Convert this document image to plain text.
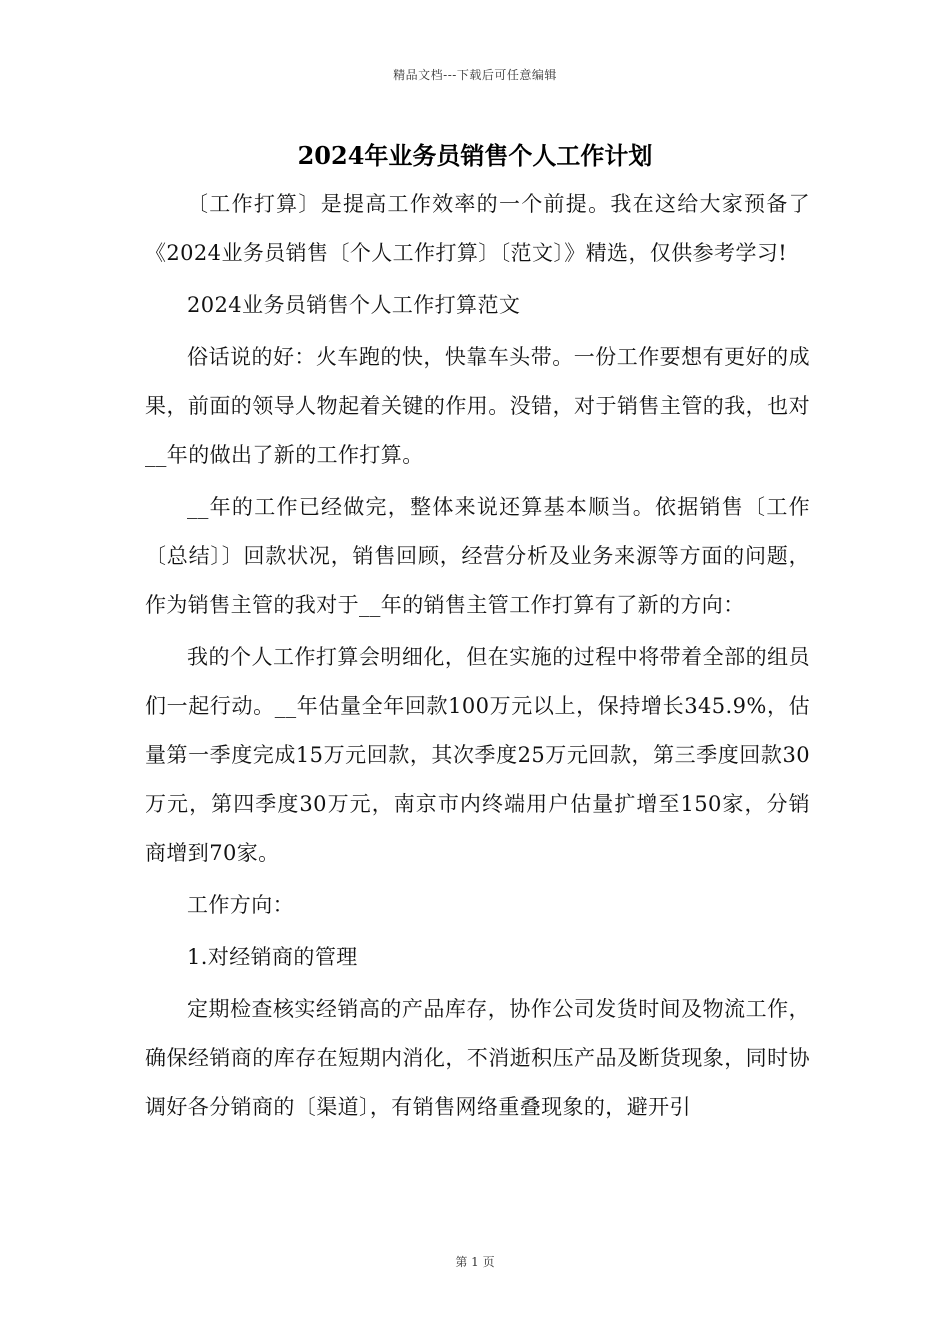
精品文档---下载后可任意编辑
2024年业务员销售个人工作计划

〔工作打算〕是提高工作效率的一个前提。我在这给大家预备了《2024业务员销售〔个人工作打算〕〔范文〕》精选，仅供参考学习!

2024业务员销售个人工作打算范文

俗话说的好：火车跑的快，快靠车头带。一份工作要想有更好的成果，前面的领导人物起着关键的作用。没错，对于销售主管的我，也对__年的做出了新的工作打算。

__年的工作已经做完，整体来说还算基本顺当。依据销售〔工作〔总结〕〕回款状况，销售回顾，经营分析及业务来源等方面的问题，作为销售主管的我对于__年的销售主管工作打算有了新的方向：

我的个人工作打算会明细化，但在实施的过程中将带着全部的组员们一起行动。__年估量全年回款100万元以上，保持增长345.9%，估量第一季度完成15万元回款，其次季度25万元回款，第三季度回款30万元，第四季度30万元，南京市内终端用户估量扩增至150家，分销商增到70家。

工作方向：

1.对经销商的管理

定期检查核实经销高的产品库存，协作公司发货时间及物流工作，确保经销商的库存在短期内消化，不消逝积压产品及断货现象，同时协调好各分销商的〔渠道〕，有销售网络重叠现象的，避开引

第 1 页
